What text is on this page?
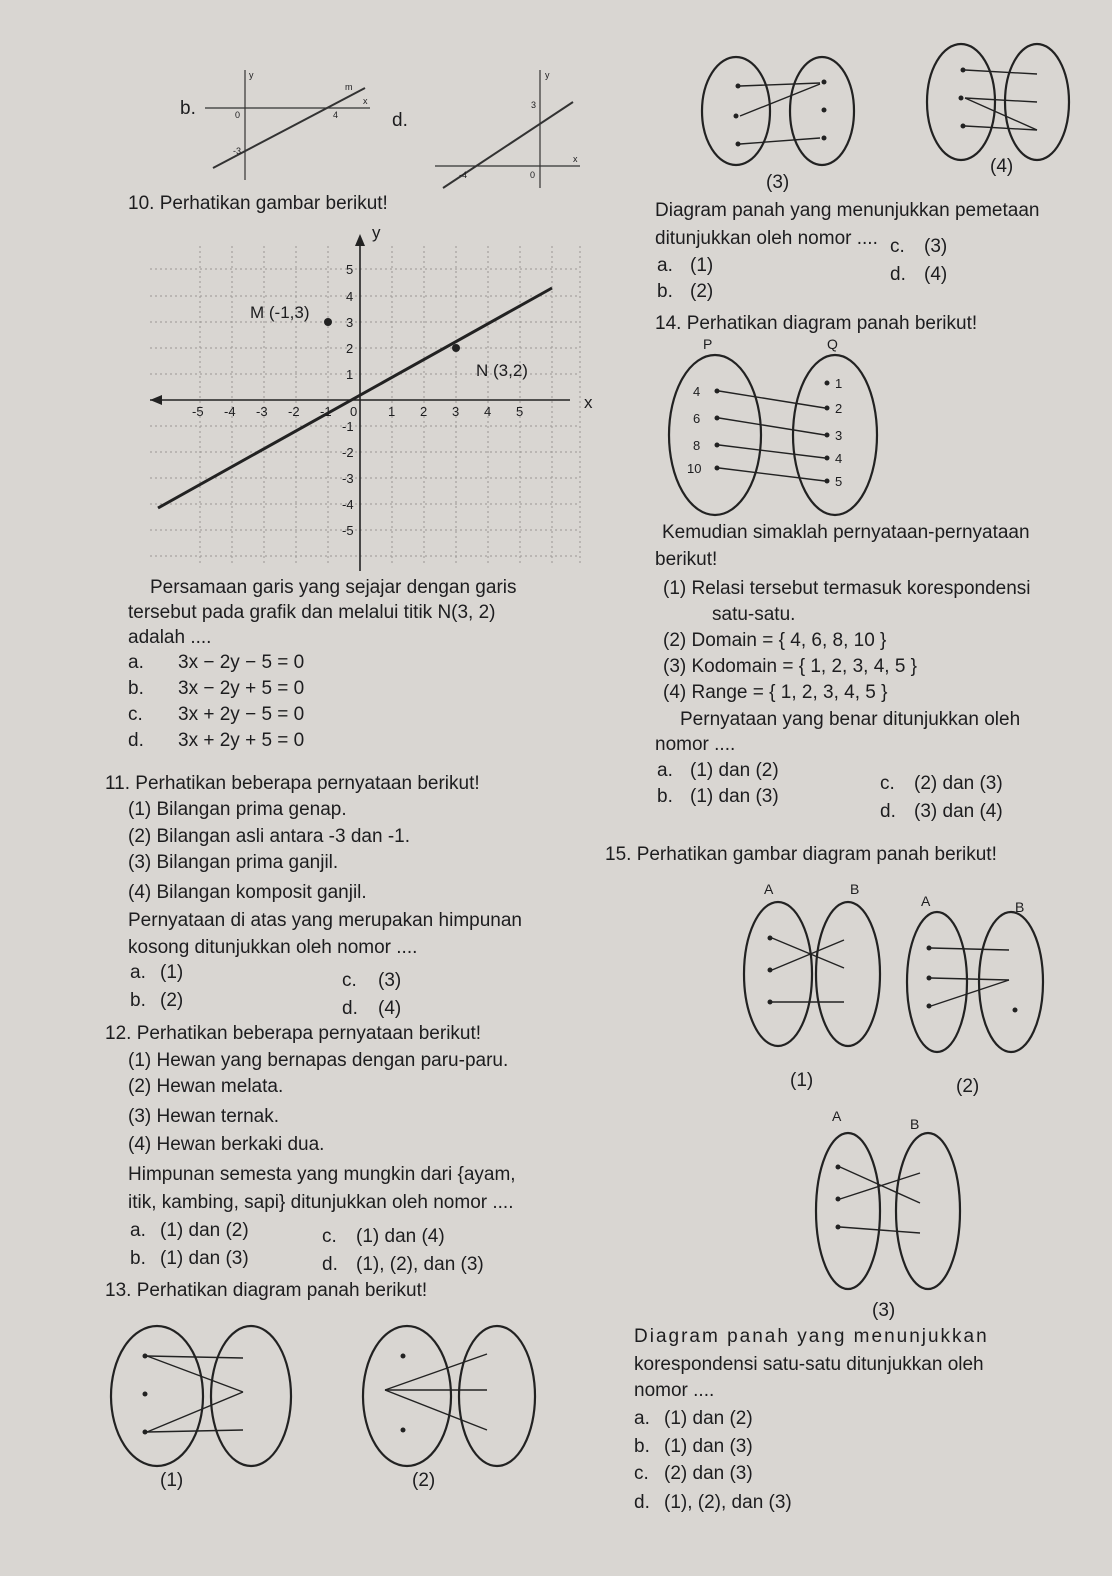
b.
y
m
x
0	4
-3
d.
y
3
x
-4	0	(3)
(4)
10. Perhatikan gambar berikut!
y
x
M (-1,3)
N (3,2)
-5 -4 -3 -2 -1 0 1 2 3 4 5
5
4
3
2
1
-1
-2
-3
-4
-5
Persamaan garis yang sejajar dengan garis
tersebut pada grafik dan melalui titik N(3, 2)
adalah ....
a. 3x − 2y − 5 = 0
b. 3x − 2y + 5 = 0
c. 3x + 2y − 5 = 0
d. 3x + 2y + 5 = 0
Diagram panah yang menunjukkan pemetaan
ditunjukkan oleh nomor ....
a. (1)
b. (2)
c. (3)
d. (4)
14. Perhatikan diagram panah berikut!
P	Q
4
6
8
10
1
2
3
4
5
Kemudian simaklah pernyataan-pernyataan
berikut!
(1) Relasi tersebut termasuk korespondensi
satu-satu.
(2) Domain = { 4, 6, 8, 10 }
(3) Kodomain = { 1, 2, 3, 4, 5 }
(4) Range = { 1, 2, 3, 4, 5 }
Pernyataan yang benar ditunjukkan oleh
nomor ....
a. (1) dan (2)
b. (1) dan (3)
c. (2) dan (3)
d. (3) dan (4)
11. Perhatikan beberapa pernyataan berikut!
(1) Bilangan prima genap.
(2) Bilangan asli antara -3 dan -1.
(3) Bilangan prima ganjil.
(4) Bilangan komposit ganjil.
Pernyataan di atas yang merupakan himpunan
kosong ditunjukkan oleh nomor ....
a. (1)
b. (2)
c. (3)
d. (4)
15. Perhatikan gambar diagram panah berikut!
A	B
(1)
A	B
(2)
A	B
(3)
Diagram panah yang menunjukkan
korespondensi satu-satu ditunjukkan oleh
nomor ....
a. (1) dan (2)
b. (1) dan (3)
c. (2) dan (3)
d. (1), (2), dan (3)
12. Perhatikan beberapa pernyataan berikut!
(1) Hewan yang bernapas dengan paru-paru.
(2) Hewan melata.
(3) Hewan ternak.
(4) Hewan berkaki dua.
Himpunan semesta yang mungkin dari {ayam,
itik, kambing, sapi} ditunjukkan oleh nomor ....
a. (1) dan (2)
b. (1) dan (3)
c. (1) dan (4)
d. (1), (2), dan (3)
13. Perhatikan diagram panah berikut!
(1)	(2)
